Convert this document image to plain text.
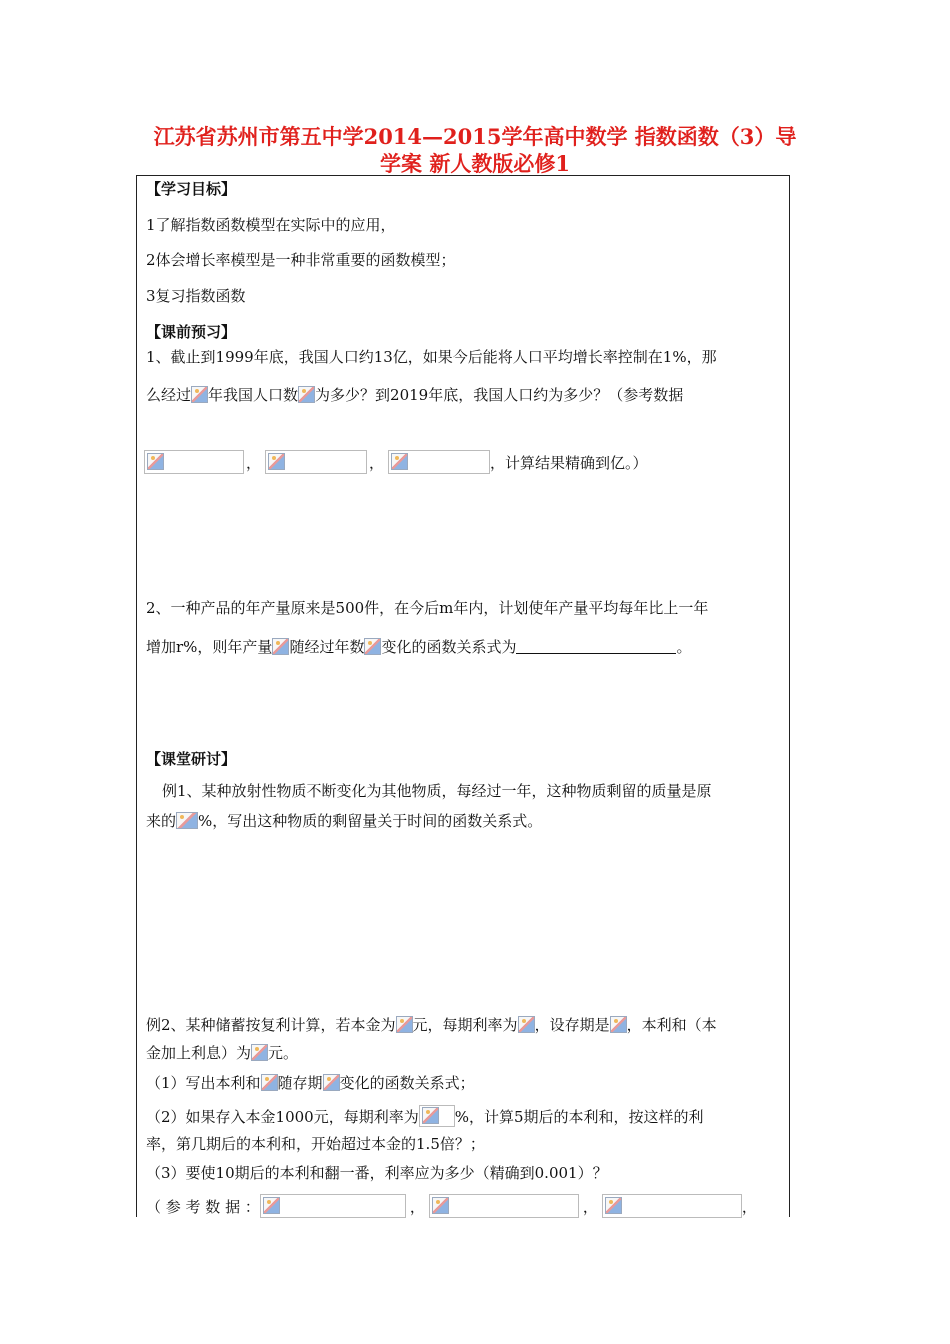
江苏省苏州市第五中学2014—2015学年高中数学 指数函数（3）导
学案 新人教版必修1
【学习目标】
1了解指数函数模型在实际中的应用，
2体会增长率模型是一种非常重要的函数模型；
3复习指数函数
【课前预习】
1、截止到1999年底，我国人口约13亿，如果今后能将人口平均增长率控制在1%，那
么经过 年我国人口数 为多少？到2019年底，我国人口约为多少？（参考数据
，	，	，计算结果精确到亿。）
2、一种产品的年产量原来是500件，在今后m年内，计划使年产量平均每年比上一年
增加r%，则年产量 随经过年数 变化的函数关系式为	。
【课堂研讨】
例1、某种放射性物质不断变化为其他物质，每经过一年，这种物质剩留的质量是原
来的 %，写出这种物质的剩留量关于时间的函数关系式。
例2、某种储蓄按复利计算，若本金为 元，每期利率为 ，设存期是 ，本利和（本
金加上利息）为 元。
（1）写出本利和 随存期 变化的函数关系式；
（2）如果存入本金1000元，每期利率为 %，计算5期后的本利和，按这样的利
率，第几期后的本利和，开始超过本金的1.5倍？；
（3）要使10期后的本利和翻一番，利率应为多少（精确到0.001）？
（ 参 考 数 据 ：	，	，	，
